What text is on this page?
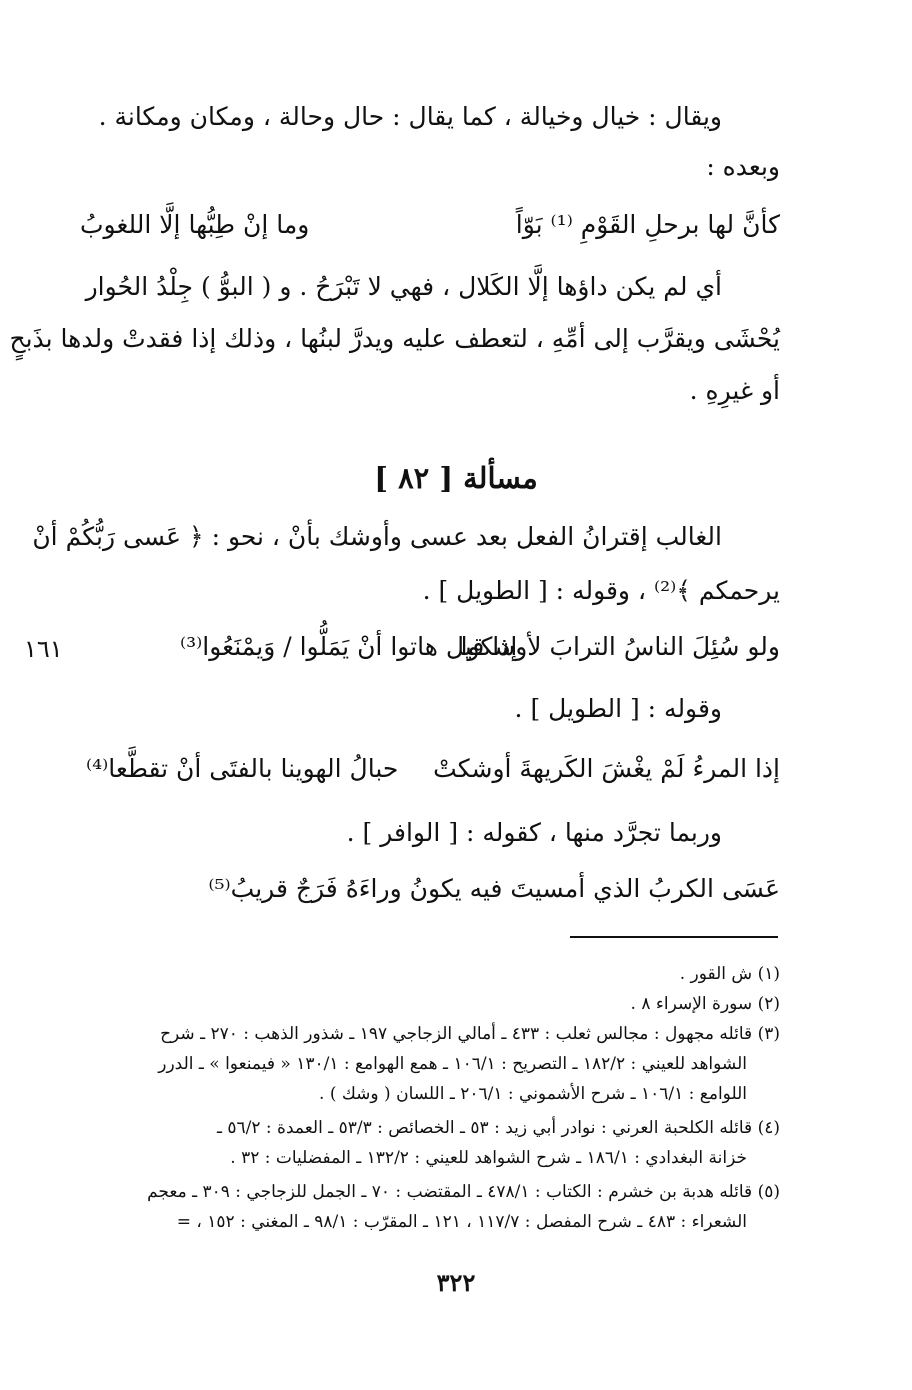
ويقال : خيال وخيالة ، كما يقال : حال وحالة ، ومكان ومكانة .
وبعده :
كأنَّ لها برحلِ القَوْمِ ⁽¹⁾ بَوّاً
وما إنْ طِبُّها إلَّا اللغوبُ
أي لم يكن داؤها إلَّا الكَلال ، فهي لا تَبْرَحُ . و ( البوُّ ) جِلْدُ الحُوار
يُحْشَى ويقرَّب إلى أمِّهِ ، لتعطف عليه ويدرَّ لبنُها ، وذلك إذا فقدتْ ولدها بذَبحٍ
أو غيرِهِ .
مسألة [ ٨٢ ]
الغالب إقترانُ الفعل بعد عسى وأوشك بأنْ ، نحو : ﴿ عَسى رَبُّكُمْ أنْ
يرحمكم ﴾⁽²⁾ ، وقوله : [ الطويل ] .
ولو سُئِلَ الناسُ الترابَ لأوشكوا
إذا قيل هاتوا أنْ يَمَلُّوا / وَيمْنَعُوا⁽³⁾
١٦١
وقوله : [ الطويل ] .
إذا المرءُ لَمْ يغْشَ الكَريهةَ أوشكتْ
حبالُ الهوينا بالفتَى أنْ تقطَّعا⁽⁴⁾
وربما تجرَّد منها ، كقوله : [ الوافر ] .
عَسَى الكربُ الذي أمسيتَ فيه يكونُ وراءَهُ فَرَجٌ قريبُ⁽⁵⁾
(١) ش القور .
(٢) سورة الإسراء ٨ .
(٣) قائله مجهول : مجالس ثعلب : ٤٣٣ ـ أمالي الزجاجي ١٩٧ ـ شذور الذهب : ٢٧٠ ـ شرح
الشواهد للعيني : ١٨٢/٢ ـ التصريح : ١٠٦/١ ـ همع الهوامع : ١٣٠/١ « فيمنعوا » ـ الدرر
اللوامع : ١٠٦/١ ـ شرح الأشموني : ٢٠٦/١ ـ اللسان ( وشك ) .
(٤) قائله الكلحبة العرني : نوادر أبي زيد : ٥٣ ـ الخصائص : ٥٣/٣ ـ العمدة : ٥٦/٢ ـ
خزانة البغدادي : ١٨٦/١ ـ شرح الشواهد للعيني : ١٣٢/٢ ـ المفضليات : ٣٢ .
(٥) قائله هدبة بن خشرم : الكتاب : ٤٧٨/١ ـ المقتضب : ٧٠ ـ الجمل للزجاجي : ٣٠٩ ـ معجم
الشعراء : ٤٨٣ ـ شرح المفصل : ١١٧/٧ ، ١٢١ ـ المقرّب : ٩٨/١ ـ المغني : ١٥٢ ، =
٣٢٢
